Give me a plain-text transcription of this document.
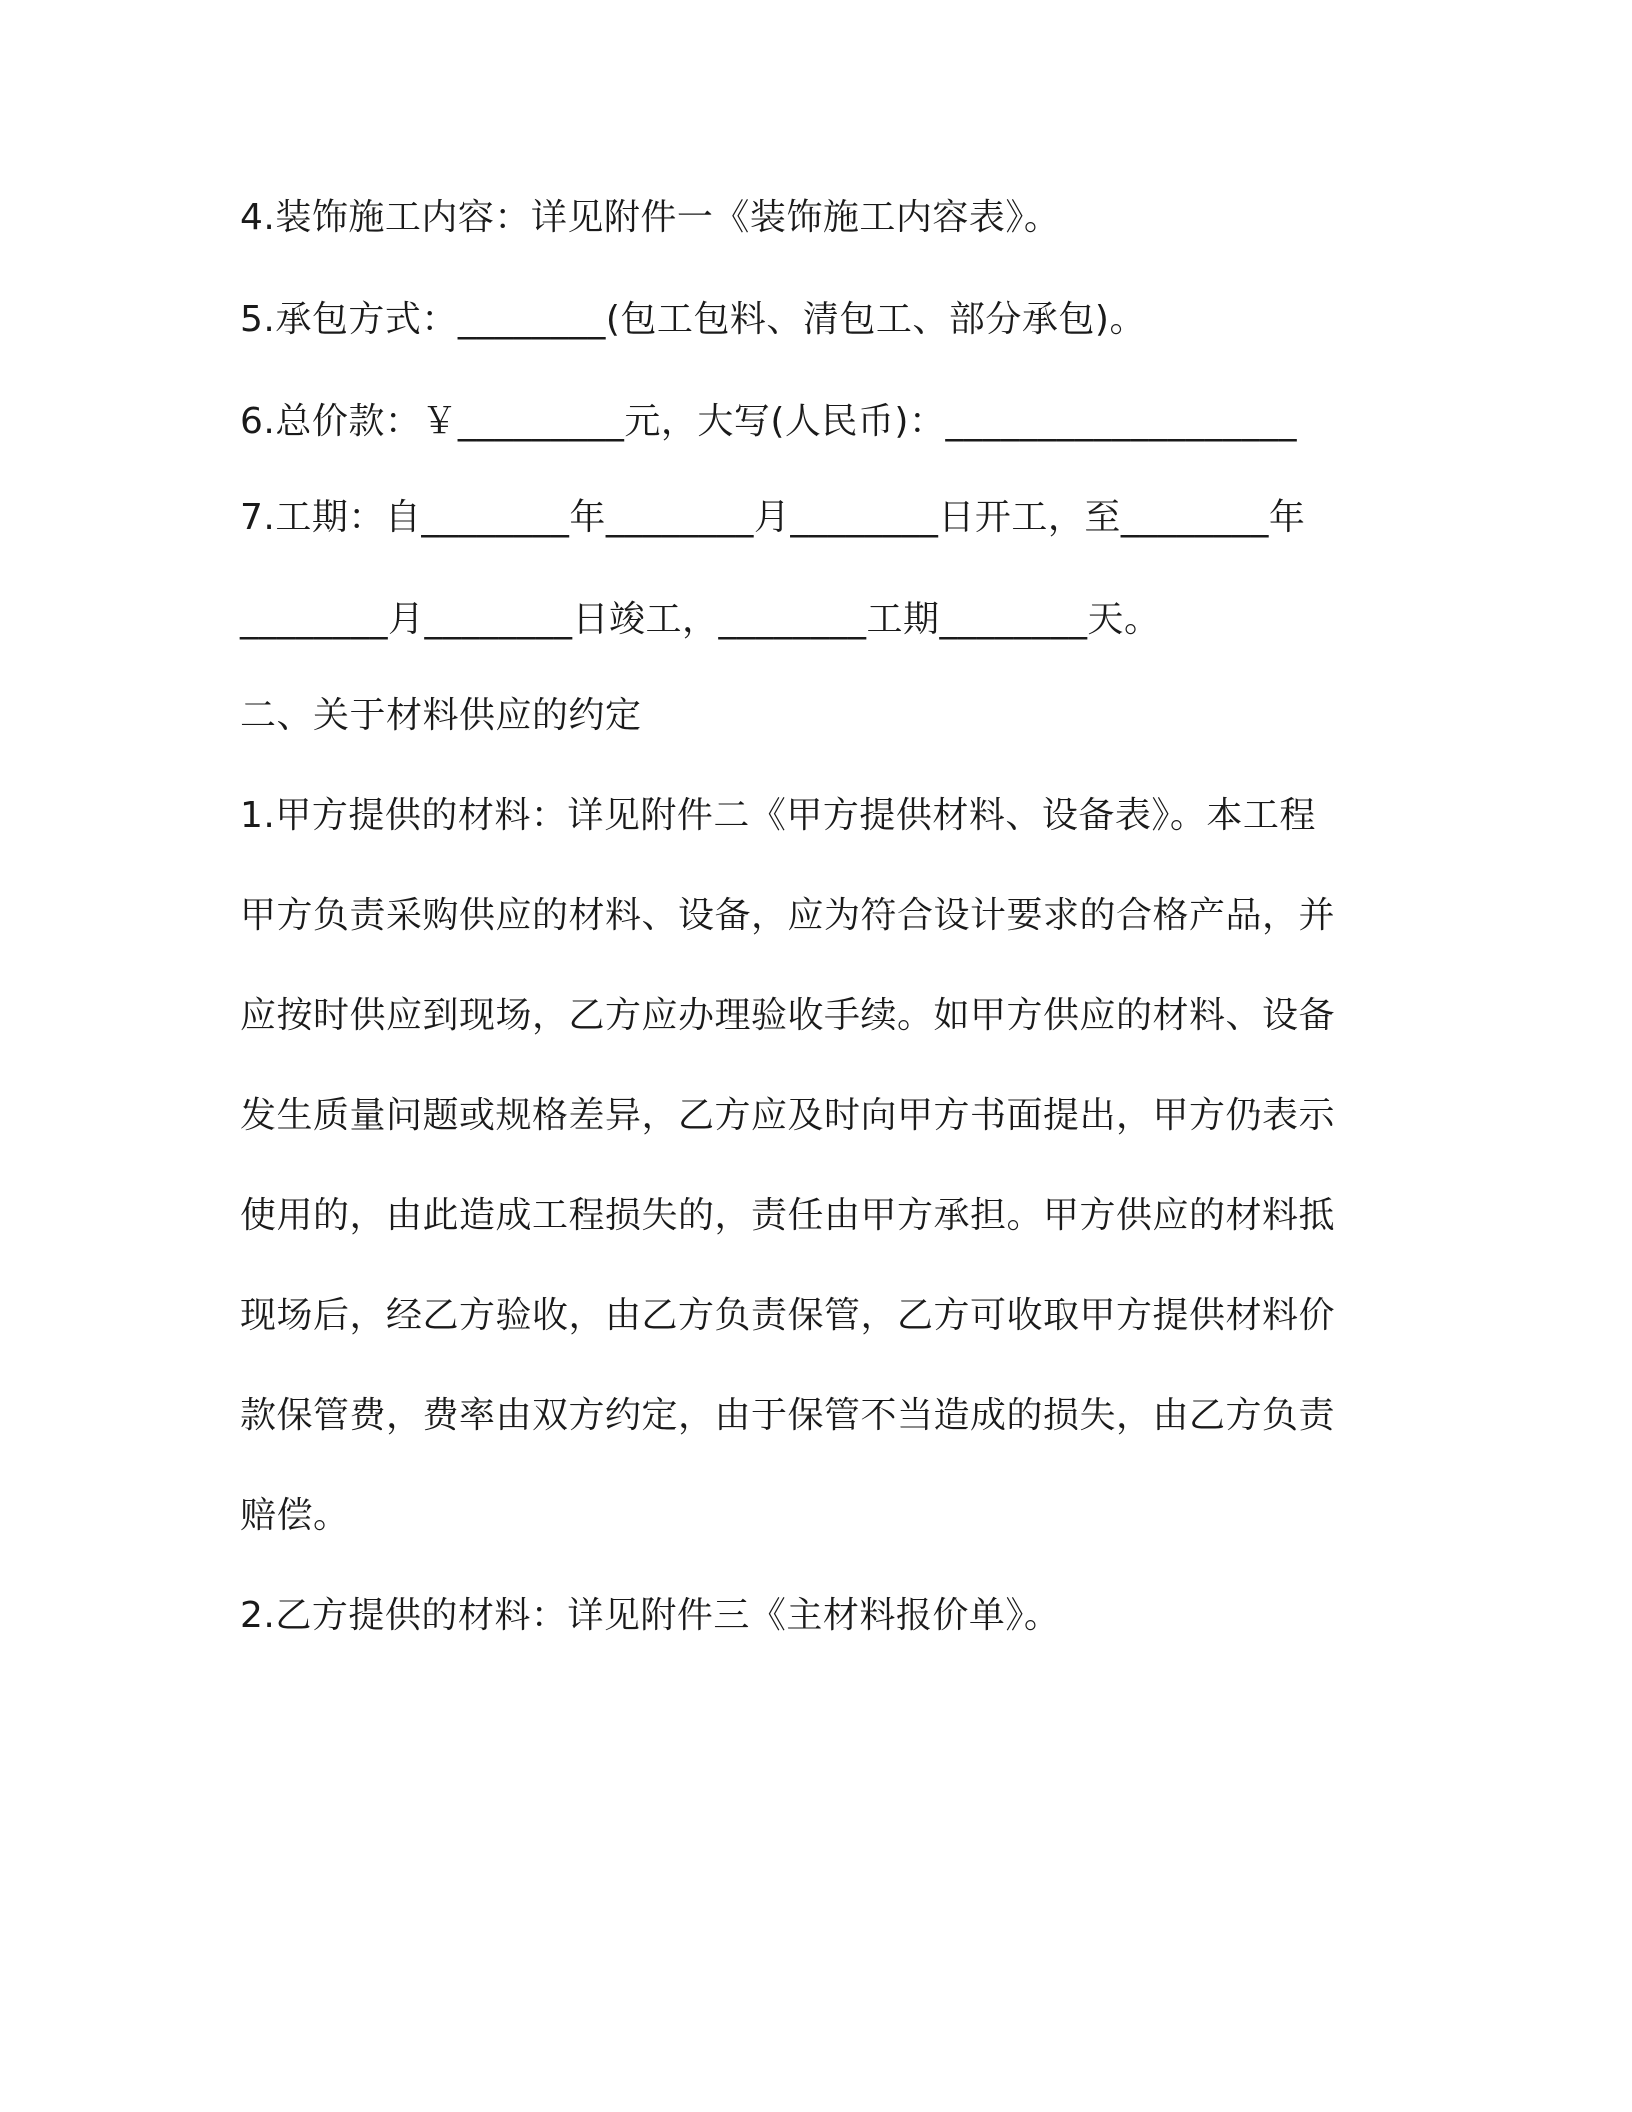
4.装饰施工内容：详见附件一《装饰施工内容表》。
5.承包方式：________(包工包料、清包工、部分承包)。
6.总价款：￥_________元，大写(人民币)：___________________
7.工期：自________年________月________日开工，至________年
________月________日竣工，________工期________天。
二、关于材料供应的约定
1.甲方提供的材料：详见附件二《甲方提供材料、设备表》。本工程
甲方负责采购供应的材料、设备，应为符合设计要求的合格产品，并
应按时供应到现场，乙方应办理验收手续。如甲方供应的材料、设备
发生质量问题或规格差异，乙方应及时向甲方书面提出，甲方仍表示
使用的，由此造成工程损失的，责任由甲方承担。甲方供应的材料抵
现场后，经乙方验收，由乙方负责保管，乙方可收取甲方提供材料价
款保管费，费率由双方约定，由于保管不当造成的损失，由乙方负责
赔偿。
2.乙方提供的材料：详见附件三《主材料报价单》。
